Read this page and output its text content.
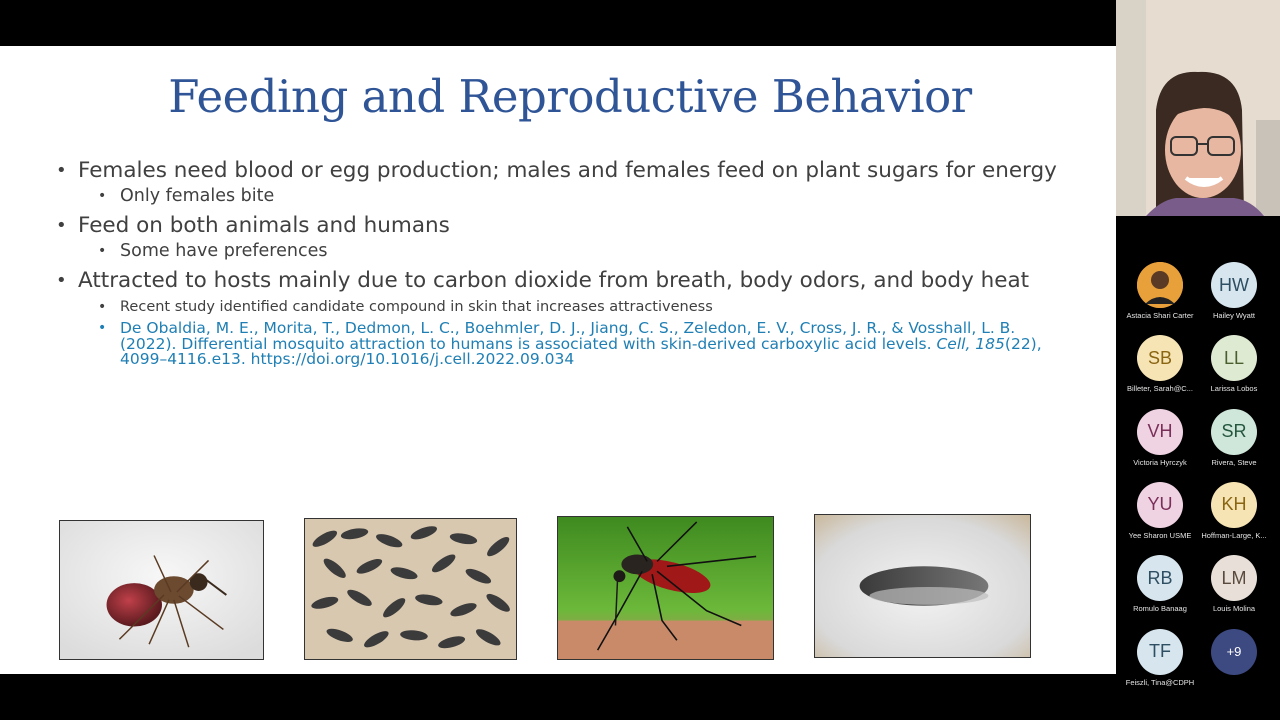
Feeding and Reproductive Behavior
• Females need blood or egg production; males and females feed on plant sugars for energy
• Only females bite
• Feed on both animals and humans
• Some have preferences
• Attracted to hosts mainly due to carbon dioxide from breath, body odors, and body heat
• Recent study identified candidate compound in skin that increases attractiveness
• De Obaldia, M. E., Morita, T., Dedmon, L. C., Boehmler, D. J., Jiang, C. S., Zeledon, E. V., Cross, J. R., & Vosshall, L. B. (2022). Differential mosquito attraction to humans is associated with skin-derived carboxylic acid levels. Cell, 185(22), 4099–4116.e13. https://doi.org/10.1016/j.cell.2022.09.034
Astacia Shari Carter
HW
Hailey Wyatt
SB
Billeter, Sarah@C...
LL
Larissa Lobos
VH
Victoria Hyrczyk
SR
Rivera, Steve
YU
Yee Sharon USME
KH
Hoffman-Large, K...
RB
Romulo Banaag
LM
Louis Molina
TF
Feiszli, Tina@CDPH
+9
